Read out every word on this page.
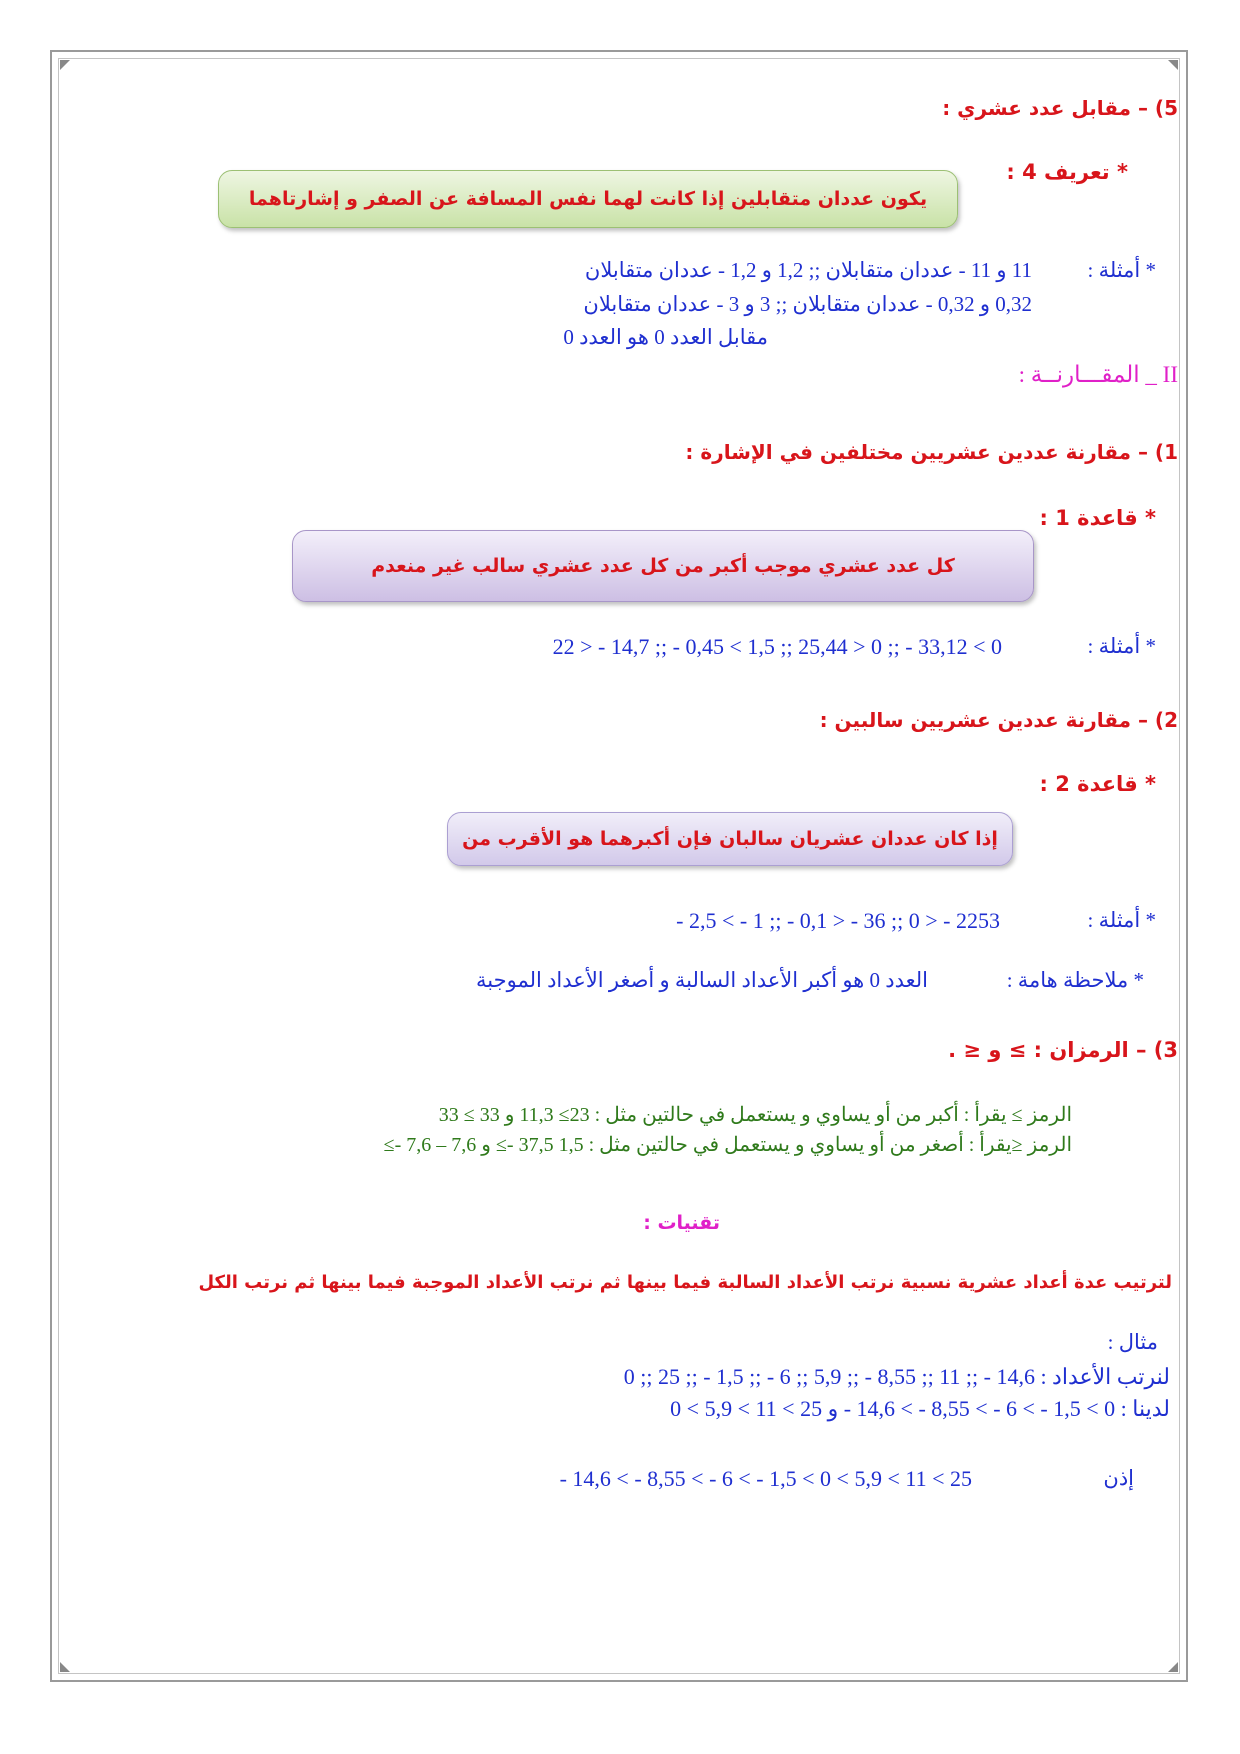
5) – مقابل عدد عشري :
* تعريف 4 :
يكون عددان متقابلين إذا كانت لهما نفس المسافة عن الصفر و إشارتاهما
* أمثلة :
11 و 11 - عددان متقابلان ;; 1,2 و 1,2 - عددان متقابلان
0,32 و 0,32 - عددان متقابلان ;; 3 و 3 - عددان متقابلان
مقابل العدد 0 هو العدد 0
II _ المقـــارنــة :
1) – مقارنة عددين عشريين مختلفين في الإشارة :
* قاعدة 1 :
كل عدد عشري موجب أكبر من كل عدد عشري سالب غير منعدم
* أمثلة :
0 > 33,12 - ;; 0 < 25,44 ;; 1,5 > 0,45 - ;; 14,7 - < 22
2) – مقارنة عددين عشريين سالبين :
* قاعدة 2 :
إذا كان عددان عشريان سالبان فإن أكبرهما هو الأقرب من
* أمثلة :
2253 - < 0 ;; 36 - < 0,1 - ;; 1 - > 2,5 -
* ملاحظة هامة :
العدد 0 هو أكبر الأعداد السالبة و أصغر الأعداد الموجبة
3) – الرمزان : ≥ و ≤ .
الرمز ≥ يقرأ : أكبر من أو يساوي و يستعمل في حالتين مثل : 23≥ 11,3 و 33 ≥ 33
الرمز ≤يقرأ : أصغر من أو يساوي و يستعمل في حالتين مثل : 1,5 37,5 -≥ و 7,6 – 7,6 -≥
تقنيات :
لترتيب عدة أعداد عشرية نسبية نرتب الأعداد السالبة فيما بينها ثم نرتب الأعداد الموجبة فيما بينها ثم نرتب الكل
مثال :
لنرتب الأعداد : 14,6 - ;; 11 ;; 8,55 - ;; 5,9 ;; 6 - ;; 1,5 - ;; 25 ;; 0
لدينا : 0 > 1,5 - > 6 - > 8,55 - > 14,6 - و 25 > 11 > 5,9 > 0
إذن
25 > 11 > 5,9 > 0 > 1,5 - > 6 - > 8,55 - > 14,6 -
